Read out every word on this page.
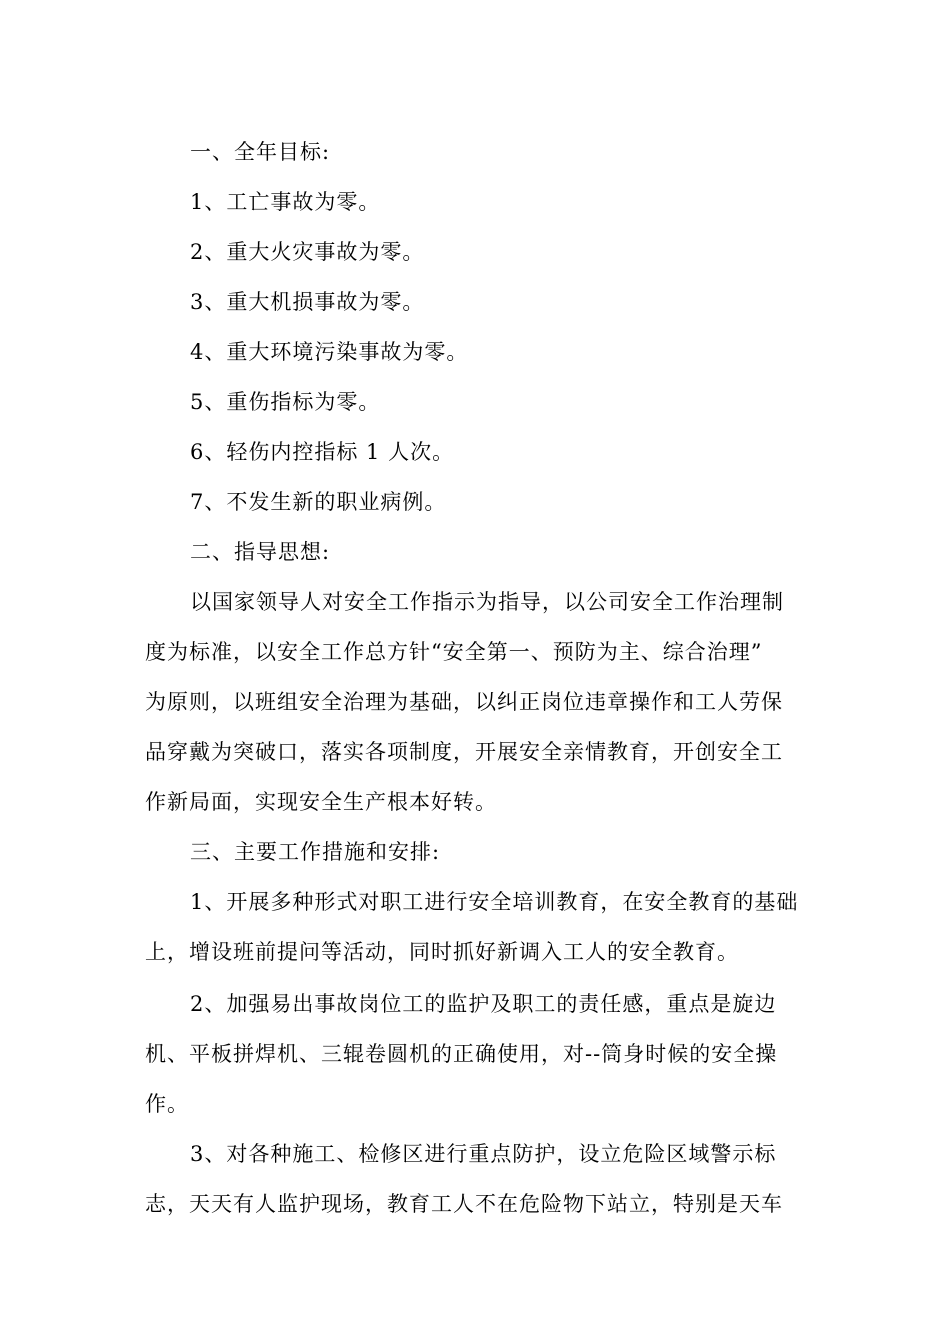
一、全年目标:
1、工亡事故为零。
2、重大火灾事故为零。
3、重大机损事故为零。
4、重大环境污染事故为零。
5、重伤指标为零。
6、轻伤内控指标 1 人次。
7、不发生新的职业病例。
二、指导思想:
以国家领导人对安全工作指示为指导，以公司安全工作治理制
度为标准，以安全工作总方针“安全第一、预防为主、综合治理”
为原则，以班组安全治理为基础，以纠正岗位违章操作和工人劳保
品穿戴为突破口，落实各项制度，开展安全亲情教育，开创安全工
作新局面，实现安全生产根本好转。
三、主要工作措施和安排:
1、开展多种形式对职工进行安全培训教育，在安全教育的基础
上，增设班前提问等活动，同时抓好新调入工人的安全教育。
2、加强易出事故岗位工的监护及职工的责任感，重点是旋边
机、平板拼焊机、三辊卷圆机的正确使用，对--筒身时候的安全操
作。
3、对各种施工、检修区进行重点防护，设立危险区域警示标
志，天天有人监护现场，教育工人不在危险物下站立，特别是天车
